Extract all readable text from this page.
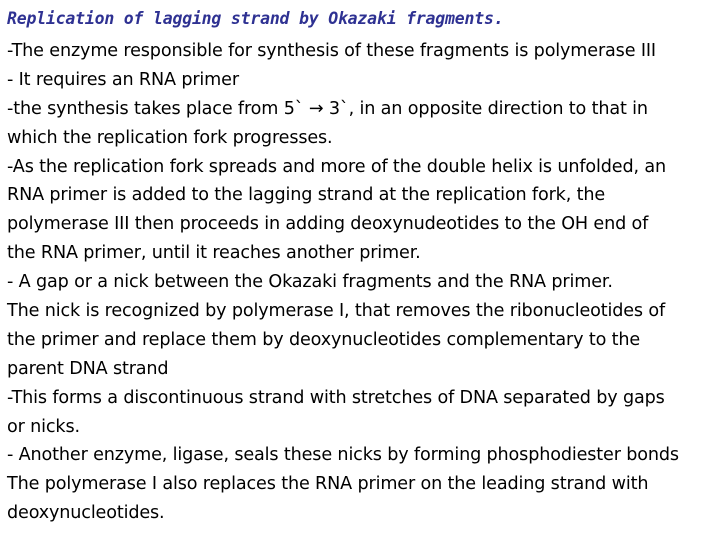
Replication of lagging strand by Okazaki fragments.
-The enzyme responsible for synthesis of these fragments is polymerase III
- It requires an RNA primer
-the synthesis takes place from 5` → 3`, in an opposite direction to that in
which the replication fork progresses.
-As the replication fork spreads and more of the double helix is unfolded, an
RNA primer is added to the lagging strand at the replication fork, the
polymerase III then proceeds in adding deoxynudeotides to the OH end of
the RNA primer, until it reaches another primer.
- A gap or a nick between the Okazaki fragments and the RNA primer.
The nick is recognized by polymerase I, that removes the ribonucleotides of
the primer and replace them by deoxynucleotides complementary to the
parent DNA strand
-This forms a discontinuous strand with stretches of DNA separated by gaps
or nicks.
- Another enzyme, ligase, seals these nicks by forming phosphodiester bonds
The polymerase I also replaces the RNA primer on the leading strand with
deoxynucleotides.
